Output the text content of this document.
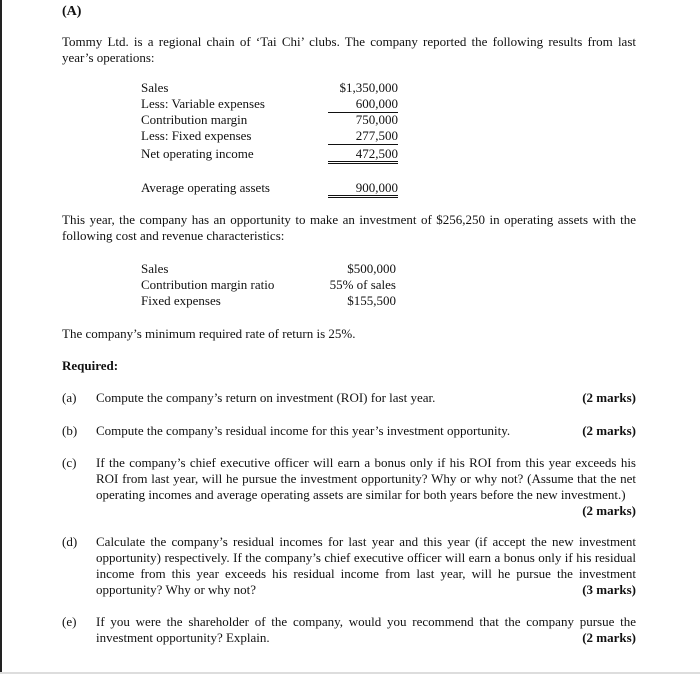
(A)
Tommy Ltd. is a regional chain of ‘Tai Chi’ clubs. The company reported the following results from last year’s operations:
Sales	$1,350,000
Less: Variable expenses	600,000
Contribution margin	750,000
Less: Fixed expenses	277,500
Net operating income	472,500
Average operating assets	900,000
This year, the company has an opportunity to make an investment of $256,250 in operating assets with the following cost and revenue characteristics:
Sales	$500,000
Contribution margin ratio	55% of sales
Fixed expenses	$155,500
The company’s minimum required rate of return is 25%.
Required:
(a) Compute the company’s return on investment (ROI) for last year.	(2 marks)
(b) Compute the company’s residual income for this year’s investment opportunity.	(2 marks)
(c) If the company’s chief executive officer will earn a bonus only if his ROI from this year exceeds his ROI from last year, will he pursue the investment opportunity? Why or why not? (Assume that the net operating incomes and average operating assets are similar for both years before the new investment.)
(2 marks)
(d) Calculate the company’s residual incomes for last year and this year (if accept the new investment opportunity) respectively. If the company’s chief executive officer will earn a bonus only if his residual income from this year exceeds his residual income from last year, will he pursue the investment opportunity? Why or why not?	(3 marks)
(e) If you were the shareholder of the company, would you recommend that the company pursue the investment opportunity? Explain.	(2 marks)
